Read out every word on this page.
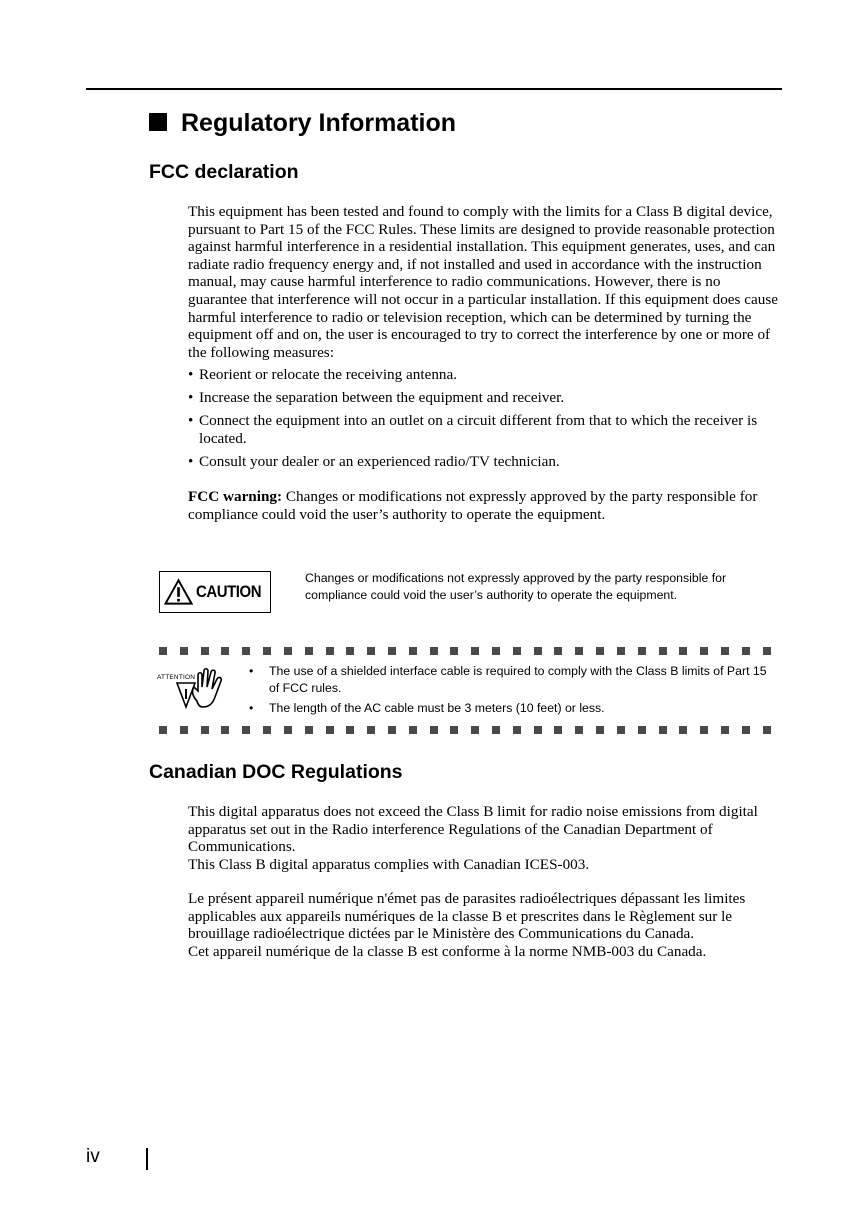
Regulatory Information
FCC declaration

This equipment has been tested and found to comply with the limits for a Class B digital device, pursuant to Part 15 of the FCC Rules. These limits are designed to provide reasonable protection against harmful interference in a residential installation. This equipment generates, uses, and can radiate radio frequency energy and, if not installed and used in accordance with the instruction manual, may cause harmful interference to radio communications. However, there is no guarantee that interference will not occur in a particular installation. If this equipment does cause harmful interference to radio or television reception, which can be determined by turning the equipment off and on, the user is encouraged to try to correct the interference by one or more of the following measures:

• Reorient or relocate the receiving antenna.
• Increase the separation between the equipment and receiver.
• Connect the equipment into an outlet on a circuit different from that to which the receiver is located.
• Consult your dealer or an experienced radio/TV technician.

FCC warning: Changes or modifications not expressly approved by the party responsible for compliance could void the user’s authority to operate the equipment.

CAUTION
Changes or modifications not expressly approved by the party responsible for compliance could void the user’s authority to operate the equipment.
ATTENTION	• The use of a shielded interface cable is required to comply with the Class B limits of Part 15 of FCC rules.
• The length of the AC cable must be 3 meters (10 feet) or less.
Canadian DOC Regulations

This digital apparatus does not exceed the Class B limit for radio noise emissions from digital apparatus set out in the Radio interference Regulations of the Canadian Department of Communications.

This Class B digital apparatus complies with Canadian ICES-003.

Le présent appareil numérique n'émet pas de parasites radioélectriques dépassant les limites applicables aux appareils numériques de la classe B et prescrites dans le Règlement sur le brouillage radioélectrique dictées par le Ministère des Communications du Canada.

Cet appareil numérique de la classe B est conforme à la norme NMB-003 du Canada.

iv
